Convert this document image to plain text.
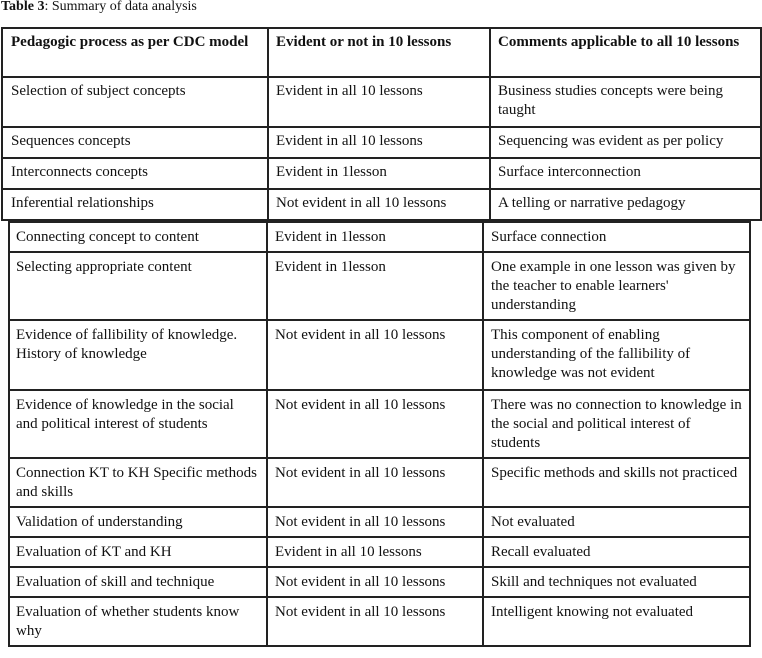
Table 3: Summary of data analysis
Pedagogic process as per CDC model	Evident or not in 10 lessons	Comments applicable to all 10 lessons
Selection of subject concepts	Evident in all 10 lessons	Business studies concepts were being taught
Sequences concepts	Evident in all 10 lessons	Sequencing was evident as per policy
Interconnects concepts	Evident in 1lesson	Surface interconnection
Inferential relationships	Not evident in all 10 lessons	A telling or narrative pedagogy
Connecting concept to content	Evident in 1lesson	Surface connection
Selecting appropriate content	Evident in 1lesson	One example in one lesson was given by the teacher to enable learners' understanding
Evidence of fallibility of knowledge. History of knowledge	Not evident in all 10 lessons	This component of enabling understanding of the fallibility of knowledge was not evident
Evidence of knowledge in the social and political interest of students	Not evident in all 10 lessons	There was no connection to knowledge in the social and political interest of students
Connection KT to KH Specific methods and skills	Not evident in all 10 lessons	Specific methods and skills not practiced
Validation of understanding	Not evident in all 10 lessons	Not evaluated
Evaluation of KT and KH	Evident in all 10 lessons	Recall evaluated
Evaluation of skill and technique	Not evident in all 10 lessons	Skill and techniques not evaluated
Evaluation of whether students know why	Not evident in all 10 lessons	Intelligent knowing not evaluated
